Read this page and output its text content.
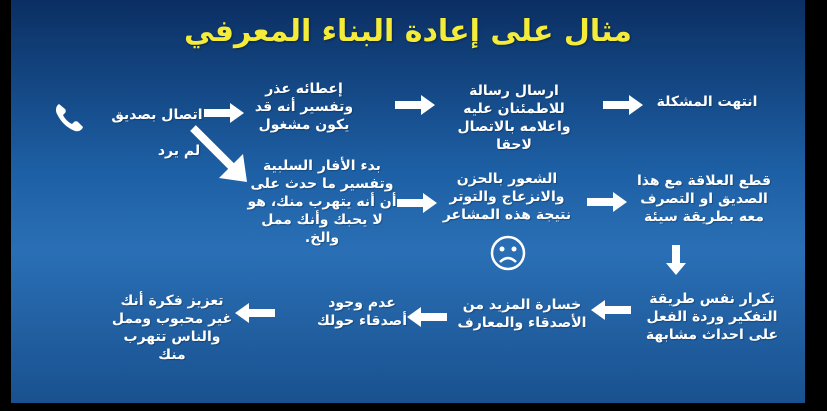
مثال على إعادة البناء المعرفي
اتصال بصديق
إعطائه عذر وتفسير أنه قد يكون مشغول
ارسال رسالة للاطمئنان عليه واعلامه بالاتصال لاحقا
انتهت المشكلة
لم يرد
بدء الأفار السلبية وتفسير ما حدث على أن أنه يتهرب منك، هو لا يحبك وأنك ممل والخ.
الشعور بالحزن والانزعاج والتوتر نتيجة هذه المشاعر
قطع العلاقة مع هذا الصديق او التصرف معه بطريقة سيئة
تكرار نفس طريقة التفكير وردة الفعل على احداث مشابهة
خسارة المزيد من الأصدقاء والمعارف
عدم وجود أصدقاء حولك
تعزيز فكرة أنك غير محبوب وممل والناس تتهرب منك
